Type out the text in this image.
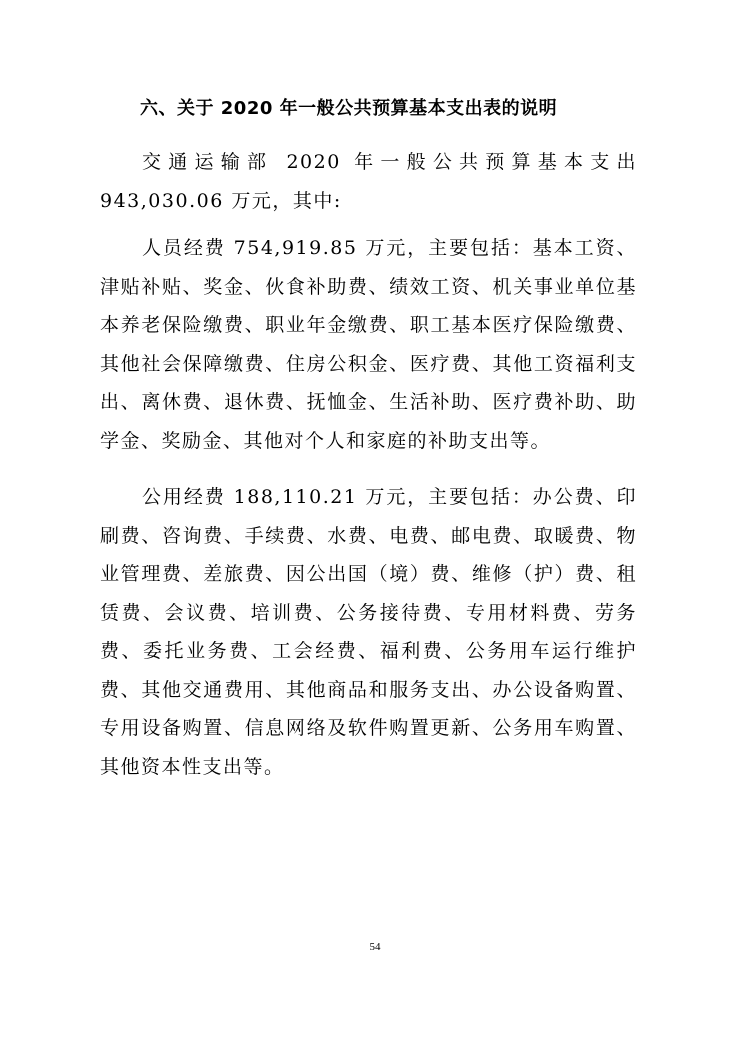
六、关于 2020 年一般公共预算基本支出表的说明
交通运输部 2020 年一般公共预算基本支出 943,030.06 万元，其中:
人员经费 754,919.85 万元，主要包括：基本工资、津贴补贴、奖金、伙食补助费、绩效工资、机关事业单位基本养老保险缴费、职业年金缴费、职工基本医疗保险缴费、其他社会保障缴费、住房公积金、医疗费、其他工资福利支出、离休费、退休费、抚恤金、生活补助、医疗费补助、助学金、奖励金、其他对个人和家庭的补助支出等。
公用经费 188,110.21 万元，主要包括：办公费、印刷费、咨询费、手续费、水费、电费、邮电费、取暖费、物业管理费、差旅费、因公出国（境）费、维修（护）费、租赁费、会议费、培训费、公务接待费、专用材料费、劳务费、委托业务费、工会经费、福利费、公务用车运行维护费、其他交通费用、其他商品和服务支出、办公设备购置、专用设备购置、信息网络及软件购置更新、公务用车购置、其他资本性支出等。
54
